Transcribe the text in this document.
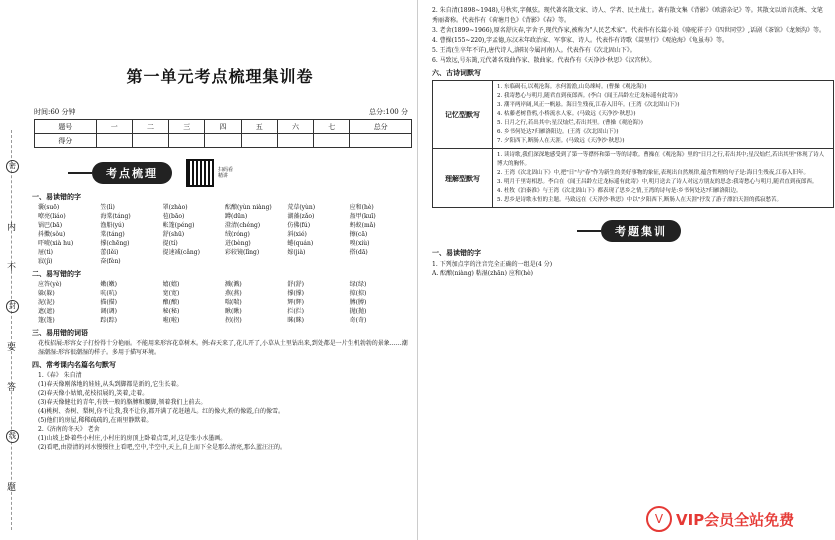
密
内
不
封
要
答
线
题
第一单元考点梳理集训卷
时间:60 分钟	总分:100 分
题号	一	二	三	四	五	六	七	总分
得分								
考点梳理	扫码看精讲
一、易读错的字
囊(suō)	笠(lì)	罩(zhào)	酝酿(yùn niàng)	荒草(yùn)	应和(hè)
嘹亮(liáo)	海棠(táng)	苞(bāo)	蹲(dūn)	湖藻(zǎo)	盔甲(kuī)
锅巴(bā)	渔船(yú)	帐篷(péng)	澄清(chéng)	仿佛(fú)	蚂蚁(mǎ)
抖擞(sǒu)	棠(táng)	舒(shū)	绒(róng)	斜(xié)	擦(cā)
吓唬(xià hu)	撑(chēng)	提(tí)	迸(bèng)	蜷(quán)	嗅(xiù)
屉(tì)	蕾(lěi)	提速减(cǎng)	彩较镜(lǐng)	嫁(jià)	搭(dā)
寂(jì)	奋(fèn)
二、易写错的字
应答(yè)	嫩(嫩)	嬉(嬉)	溅(溅)	舒(舒)	绿(绿)
躲(躲)	吭(吭)	宽(宽)	燕(燕)	撑(撑)	掠(掠)
泥(泥)	描(描)	酿(酿)	喘(喘)	辉(辉)	膊(膊)
遮(遮)	调(调)	秘(秘)	瞅(瞅)	拦(拦)	抛(抛)
篷(篷)	踪(踪)	啦(啦)	拐(拐)	眯(眯)	奇(奇)
三、易用错的词语
花枝招展:形容女子打扮得十分艳丽。不能用来形容花草树木。例:春天来了,花儿开了,小草从土里钻出来,到处都是一片生机勃勃的景象……潮湿潮湿:形容很潮湿的样子。多用于描写环境。
四、常考课内名篇名句默写
1.《春》 朱自清
(1)春天像刚落地的娃娃,从头到脚都是新的,它生长着。
(2)春天像小姑娘,花枝招展的,笑着,走着。
(3)春天像健壮的青年,有铁一般的胳膊和腰脚,领着我们上前去。
(4)桃树、杏树、梨树,你不让我,我不让你,都开满了花赶趟儿。红的像火,粉的像霞,白的像雪。
(5)他们的房屋,稀稀疏疏的,在雨里静默着。
2.《济南的冬天》 老舍
(1)山坡上卧着些小村庄,小村庄的房顶上卧着点雪,对,这是张小水墨画。
(2)看吧,由澄清的河水慢慢往上看吧,空中,半空中,天上,自上而下全是那么清亮,那么蓝汪汪的。
2. 朱自清(1898~1948),号秋实,字佩弦。现代著名散文家、诗人、学者、民主战士。著有散文集《背影》《欧游杂记》等。其散文以语言洗炼、文笔秀丽著称。代表作有《荷塘月色》《背影》《春》等。
3. 老舍(1899~1966),原名舒庆春,字舍予,现代作家,被称为"人民艺术家"。代表作有长篇小说《骆驼祥子》《四世同堂》,话剧《茶馆》《龙须沟》等。
4. 曹操(155~220),字孟德,东汉末年政治家、军事家、诗人。代表作有诗歌《蒿里行》《观沧海》《龟虽寿》等。
5. 王湾(生卒年不详),唐代诗人,洛阳(今属河南)人。代表作有《次北固山下》。
6. 马致远,号东篱,元代著名戏曲作家、散曲家。代表作有《天净沙·秋思》《汉宫秋》。
六、古诗词默写
记忆型默写
1. 东临碣石,以观沧海。水何澹澹,山岛竦峙。(曹操《观沧海》)
2. 我寄愁心与明月,随君直到夜郎西。(李白《闻王昌龄左迁龙标遥有此寄》)
3. 潮平两岸阔,风正一帆悬。海日生残夜,江春入旧年。(王湾《次北固山下》)
4. 枯藤老树昏鸦,小桥流水人家。(马致远《天净沙·秋思》)
5. 日月之行,若出其中;星汉灿烂,若出其里。(曹操《观沧海》)
6. 乡书何处达?归雁洛阳边。(王湾《次北固山下》)
7. 夕阳西下,断肠人在天涯。(马致远《天净沙·秋思》)
理解型默写
1. 读诗歌,我们深深地感受到了第一等襟怀和第一等的诗歌。曹操在《观沧海》里的"日月之行,若出其中;星汉灿烂,若出其里"体现了诗人博大的胸怀。
2. 王湾《次北固山下》中,把"日"与"春"作为新生的美好事物的象征,表现出自然规律,蕴含哲理的句子是:海日生残夜,江春入旧年。
3. 明月千里寄相思。李白在《闻王昌龄左迁龙标遥有此寄》中,明月送去了诗人对远方朋友的思念:我寄愁心与明月,随君直到夜郎西。
4. 杜牧《泊秦淮》与王湾《次北固山下》都表现了思乡之情,王湾的诗句是:乡书何处达?归雁洛阳边。
5. 思乡是诗歌永恒的主题。马致远在《天净沙·秋思》中以"夕阳西下,断肠人在天涯"抒发了游子漂泊天涯的孤寂愁苦。
考题集训
一、易读错的字
1. 下列加点字的注音完全正确的一组是(4 分)
A. 酝酿(niàng) 粘湿(zhān) 应和(hè)
V VIP会员全站免费
